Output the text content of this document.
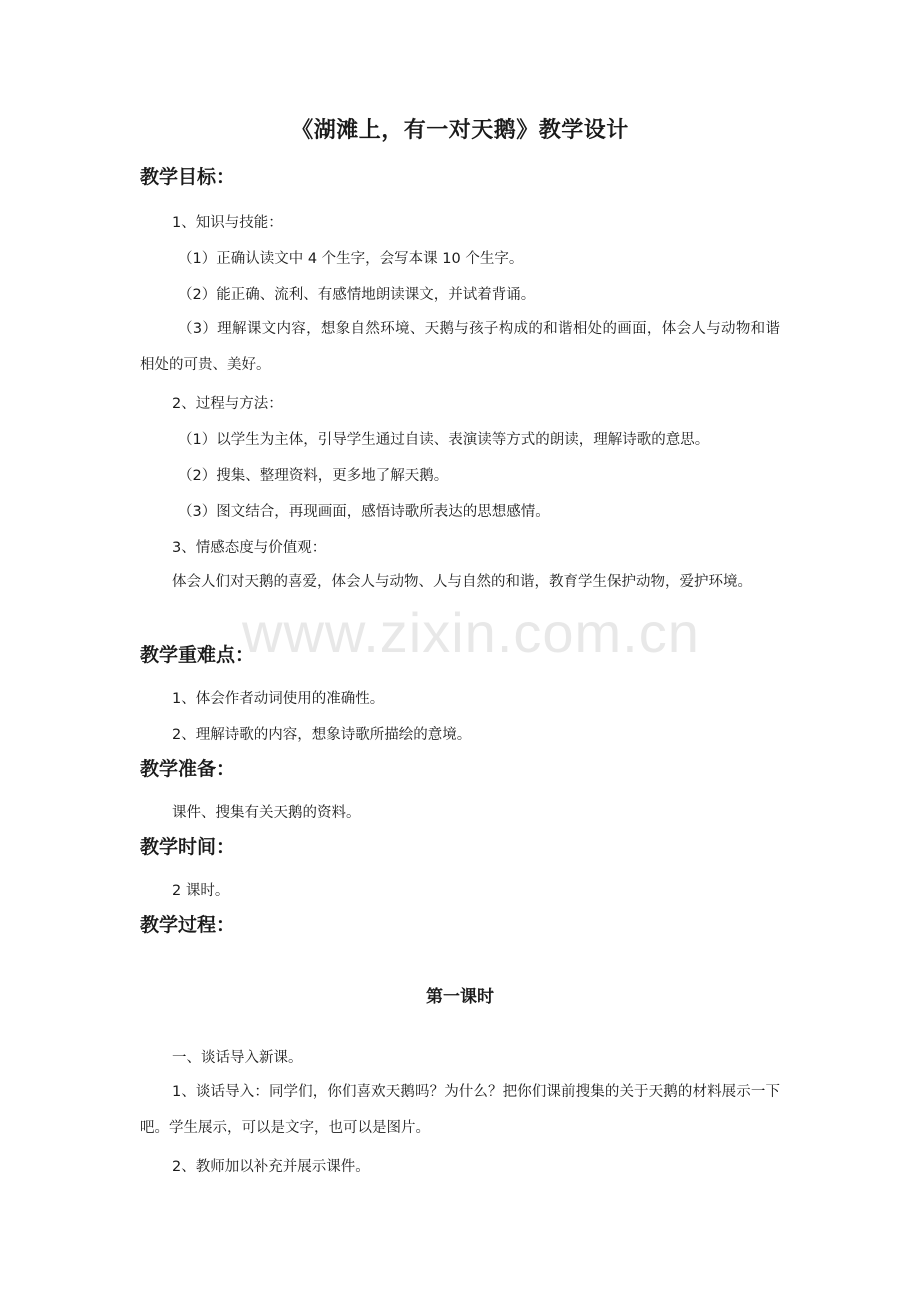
《湖滩上，有一对天鹅》教学设计
教学目标：
1、知识与技能：
（1）正确认读文中 4 个生字，会写本课 10 个生字。
（2）能正确、流利、有感情地朗读课文，并试着背诵。
（3）理解课文内容，想象自然环境、天鹅与孩子构成的和谐相处的画面，体会人与动物和谐相处的可贵、美好。
2、过程与方法：
（1）以学生为主体，引导学生通过自读、表演读等方式的朗读，理解诗歌的意思。
（2）搜集、整理资料，更多地了解天鹅。
（3）图文结合，再现画面，感悟诗歌所表达的思想感情。
3、情感态度与价值观：
体会人们对天鹅的喜爱，体会人与动物、人与自然的和谐，教育学生保护动物，爱护环境。
教学重难点：
1、体会作者动词使用的准确性。
2、理解诗歌的内容，想象诗歌所描绘的意境。
教学准备：
课件、搜集有关天鹅的资料。
教学时间：
2 课时。
教学过程：
第一课时
一、谈话导入新课。
1、谈话导入：同学们，你们喜欢天鹅吗？为什么？把你们课前搜集的关于天鹅的材料展示一下吧。学生展示，可以是文字，也可以是图片。
2、教师加以补充并展示课件。
www.zixin.com.cn
